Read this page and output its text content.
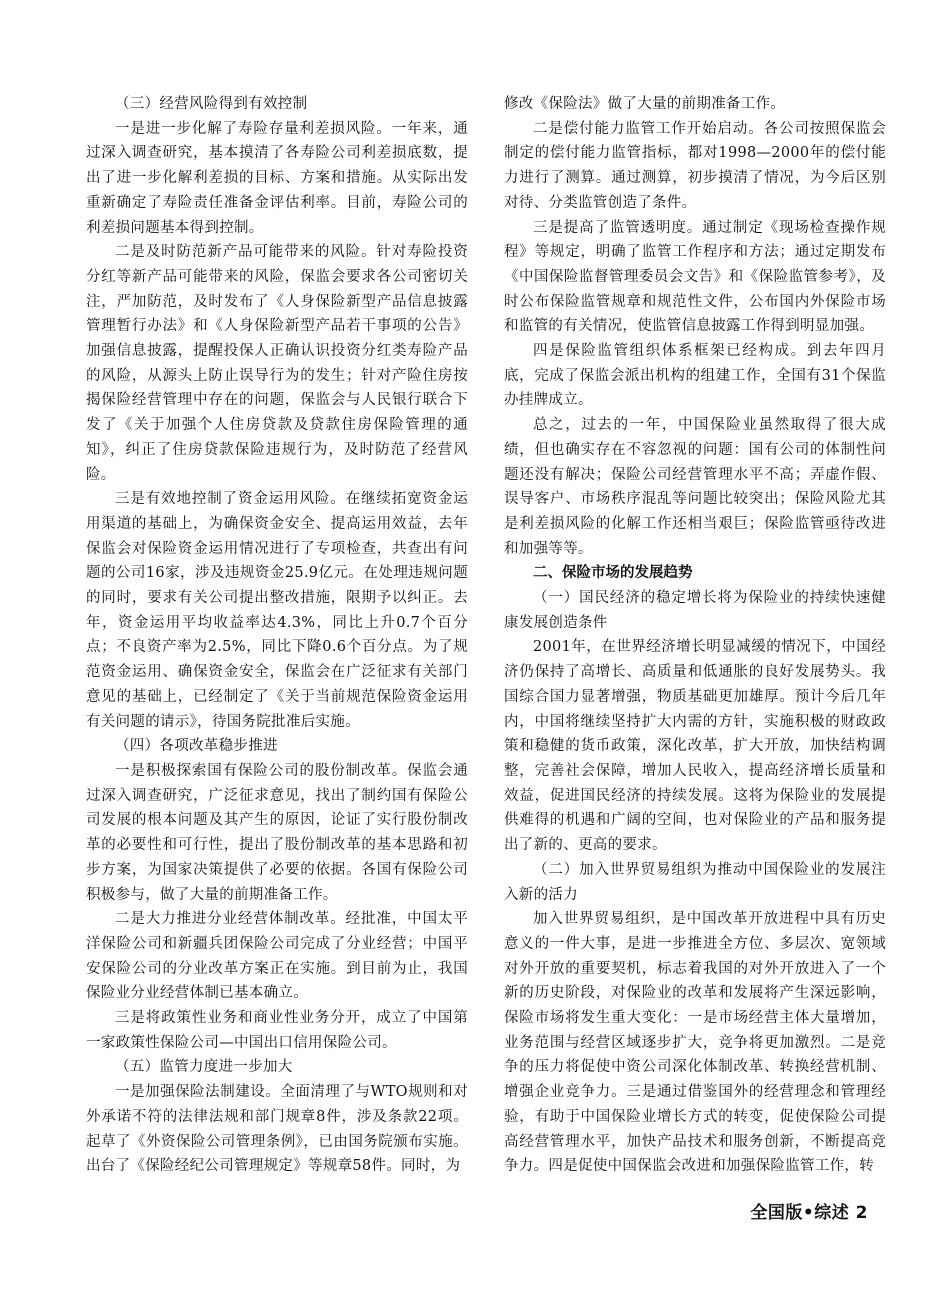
（三）经营风险得到有效控制

一是进一步化解了寿险存量利差损风险。一年来，通过深入调查研究，基本摸清了各寿险公司利差损底数，提出了进一步化解利差损的目标、方案和措施。从实际出发重新确定了寿险责任准备金评估利率。目前，寿险公司的利差损问题基本得到控制。

二是及时防范新产品可能带来的风险。针对寿险投资分红等新产品可能带来的风险，保监会要求各公司密切关注，严加防范，及时发布了《人身保险新型产品信息披露管理暂行办法》和《人身保险新型产品若干事项的公告》加强信息披露，提醒投保人正确认识投资分红类寿险产品的风险，从源头上防止误导行为的发生；针对产险住房按揭保险经营管理中存在的问题，保监会与人民银行联合下发了《关于加强个人住房贷款及贷款住房保险管理的通知》，纠正了住房贷款保险违规行为，及时防范了经营风险。

三是有效地控制了资金运用风险。在继续拓宽资金运用渠道的基础上，为确保资金安全、提高运用效益，去年保监会对保险资金运用情况进行了专项检查，共查出有问题的公司16家，涉及违规资金25.9亿元。在处理违规问题的同时，要求有关公司提出整改措施，限期予以纠正。去年，资金运用平均收益率达4.3%，同比上升0.7个百分点；不良资产率为2.5%，同比下降0.6个百分点。为了规范资金运用、确保资金安全，保监会在广泛征求有关部门意见的基础上，已经制定了《关于当前规范保险资金运用有关问题的请示》，待国务院批准后实施。

（四）各项改革稳步推进

一是积极探索国有保险公司的股份制改革。保监会通过深入调查研究，广泛征求意见，找出了制约国有保险公司发展的根本问题及其产生的原因，论证了实行股份制改革的必要性和可行性，提出了股份制改革的基本思路和初步方案，为国家决策提供了必要的依据。各国有保险公司积极参与，做了大量的前期准备工作。

二是大力推进分业经营体制改革。经批准，中国太平洋保险公司和新疆兵团保险公司完成了分业经营；中国平安保险公司的分业改革方案正在实施。到目前为止，我国保险业分业经营体制已基本确立。

三是将政策性业务和商业性业务分开，成立了中国第一家政策性保险公司—中国出口信用保险公司。

（五）监管力度进一步加大

一是加强保险法制建设。全面清理了与WTO规则和对外承诺不符的法律法规和部门规章8件，涉及条款22项。起草了《外资保险公司管理条例》，已由国务院颁布实施。出台了《保险经纪公司管理规定》等规章58件。同时，为

修改《保险法》做了大量的前期准备工作。

二是偿付能力监管工作开始启动。各公司按照保监会制定的偿付能力监管指标，都对1998—2000年的偿付能力进行了测算。通过测算，初步摸清了情况，为今后区别对待、分类监管创造了条件。

三是提高了监管透明度。通过制定《现场检查操作规程》等规定，明确了监管工作程序和方法；通过定期发布《中国保险监督管理委员会文告》和《保险监管参考》，及时公布保险监管规章和规范性文件，公布国内外保险市场和监管的有关情况，使监管信息披露工作得到明显加强。

四是保险监管组织体系框架已经构成。到去年四月底，完成了保监会派出机构的组建工作，全国有31个保监办挂牌成立。

总之，过去的一年，中国保险业虽然取得了很大成绩，但也确实存在不容忽视的问题：国有公司的体制性问题还没有解决；保险公司经营管理水平不高；弄虚作假、误导客户、市场秩序混乱等问题比较突出；保险风险尤其是利差损风险的化解工作还相当艰巨；保险监管亟待改进和加强等等。

二、保险市场的发展趋势

（一）国民经济的稳定增长将为保险业的持续快速健康发展创造条件

2001年，在世界经济增长明显减缓的情况下，中国经济仍保持了高增长、高质量和低通胀的良好发展势头。我国综合国力显著增强，物质基础更加雄厚。预计今后几年内，中国将继续坚持扩大内需的方针，实施积极的财政政策和稳健的货币政策，深化改革，扩大开放，加快结构调整，完善社会保障，增加人民收入，提高经济增长质量和效益，促进国民经济的持续发展。这将为保险业的发展提供难得的机遇和广阔的空间，也对保险业的产品和服务提出了新的、更高的要求。

（二）加入世界贸易组织为推动中国保险业的发展注入新的活力

加入世界贸易组织，是中国改革开放进程中具有历史意义的一件大事，是进一步推进全方位、多层次、宽领域对外开放的重要契机，标志着我国的对外开放进入了一个新的历史阶段，对保险业的改革和发展将产生深远影响，保险市场将发生重大变化：一是市场经营主体大量增加，业务范围与经营区域逐步扩大，竞争将更加激烈。二是竞争的压力将促使中资公司深化体制改革、转换经营机制、增强企业竞争力。三是通过借鉴国外的经营理念和管理经验，有助于中国保险业增长方式的转变，促使保险公司提高经营管理水平，加快产品技术和服务创新，不断提高竞争力。四是促使中国保监会改进和加强保险监管工作，转

全国版•综述 2
